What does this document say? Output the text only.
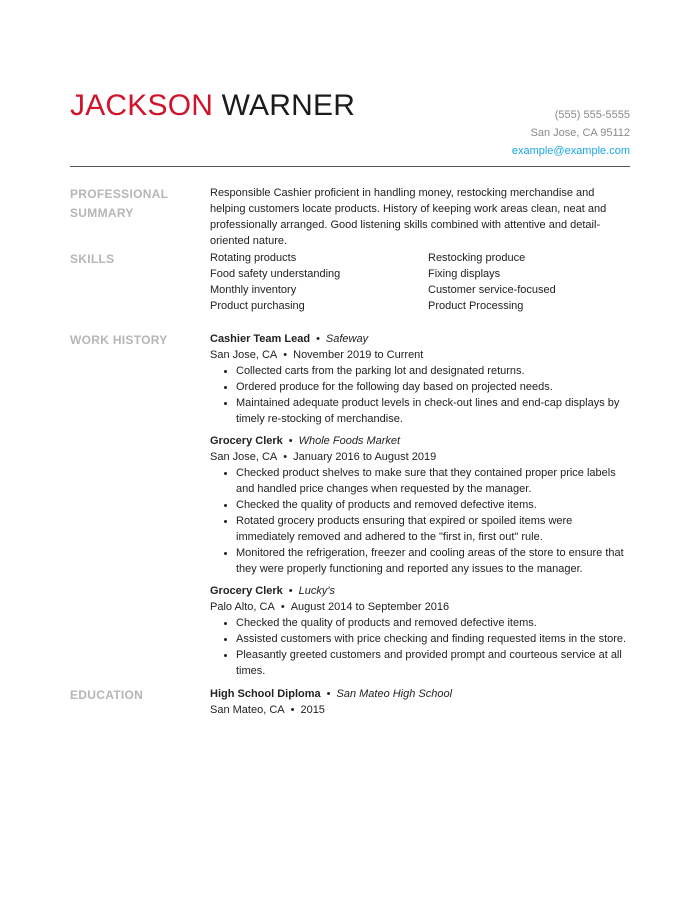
JACKSON WARNER	(555) 555-5555
San Jose, CA 95112
example@example.com
PROFESSIONAL SUMMARY

Responsible Cashier proficient in handling money, restocking merchandise and helping customers locate products. History of keeping work areas clean, neat and professionally arranged. Good listening skills combined with attentive and detail-oriented nature.

SKILLS	Rotating products	Restocking produce
Food safety understanding	Fixing displays
Monthly inventory	Customer service-focused
Product purchasing	Product Processing
WORK HISTORY	Cashier Team Lead • Safeway
San Jose, CA • November 2019 to Current
• Collected carts from the parking lot and designated returns.
• Ordered produce for the following day based on projected needs.
• Maintained adequate product levels in check-out lines and end-cap displays by timely re-stocking of merchandise.
Grocery Clerk • Whole Foods Market
San Jose, CA • January 2016 to August 2019
• Checked product shelves to make sure that they contained proper price labels and handled price changes when requested by the manager.
• Checked the quality of products and removed defective items.
• Rotated grocery products ensuring that expired or spoiled items were immediately removed and adhered to the "first in, first out" rule.
• Monitored the refrigeration, freezer and cooling areas of the store to ensure that they were properly functioning and reported any issues to the manager.
Grocery Clerk • Lucky's
Palo Alto, CA • August 2014 to September 2016
• Checked the quality of products and removed defective items.
• Assisted customers with price checking and finding requested items in the store.
• Pleasantly greeted customers and provided prompt and courteous service at all times.
EDUCATION	High School Diploma • San Mateo High School
San Mateo, CA • 2015
